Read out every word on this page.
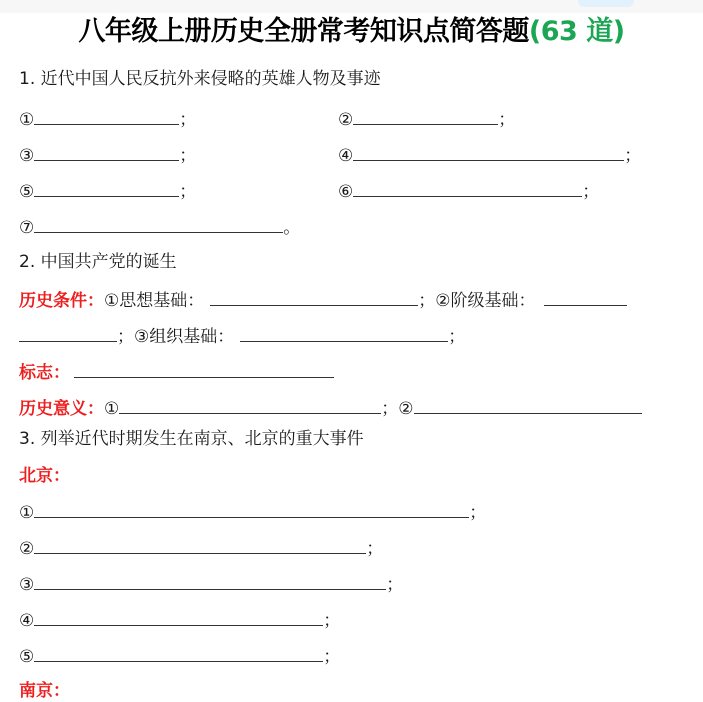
八年级上册历史全册常考知识点简答题(63 道)
1. 近代中国人民反抗外来侵略的英雄人物及事迹
①	；	②	；
③	；	④	；
⑤	；	⑥	；
⑦	。
2. 中国共产党的诞生
历史条件：①思想基础：	；②阶级基础：
；③组织基础：	；
标志：
历史意义：①	；②
3. 列举近代时期发生在南京、北京的重大事件
北京：
①	；
②	；
③	；
④	；
⑤	；
南京：
